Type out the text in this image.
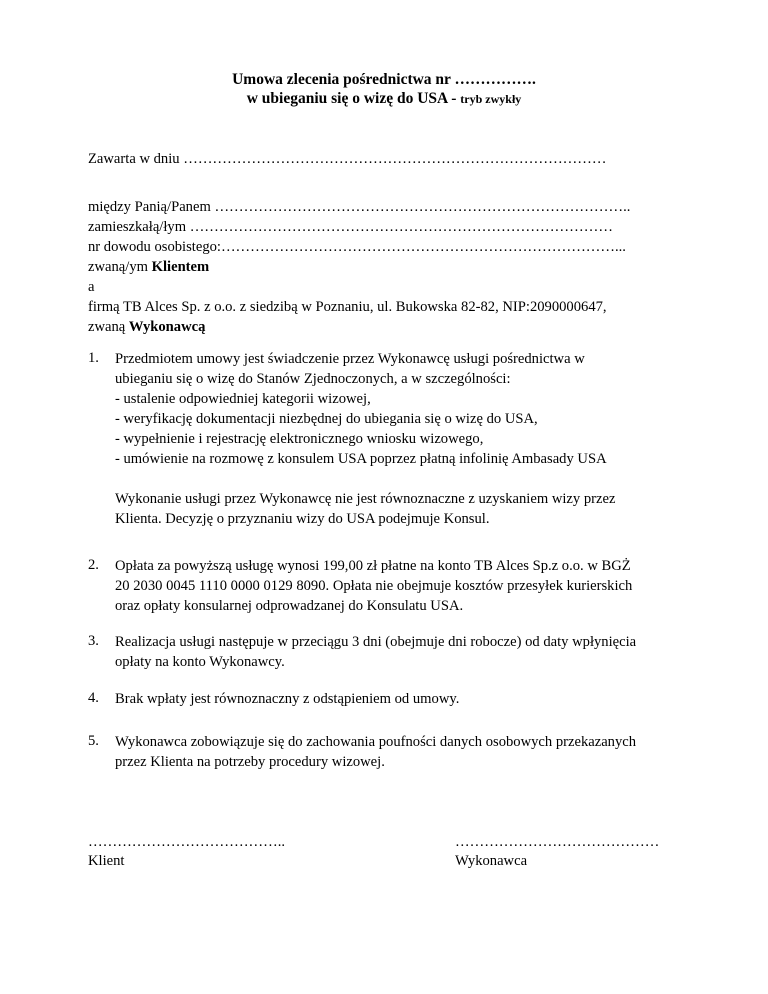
Umowa zlecenia pośrednictwa nr …………….
w ubieganiu się o wizę do USA - tryb zwykły
Zawarta w dniu ……………………………………………………………………………
między Panią/Panem …………………………………………………………………………..
zamieszkałą/łym ……………………………………………………………………………
nr dowodu osobistego:………………………………………………………………………...
zwaną/ym Klientem
a
firmą TB Alces Sp. z o.o. z siedzibą w Poznaniu, ul. Bukowska 82-82, NIP:2090000647,
zwaną Wykonawcą
1. Przedmiotem umowy jest świadczenie przez Wykonawcę usługi pośrednictwa w
ubieganiu się o wizę do Stanów Zjednoczonych, a w szczególności:
- ustalenie odpowiedniej kategorii wizowej,
- weryfikację dokumentacji niezbędnej do ubiegania się o wizę do USA,
- wypełnienie i rejestrację elektronicznego wniosku wizowego,
- umówienie na rozmowę z konsulem USA poprzez płatną infolinię Ambasady USA
Wykonanie usługi przez Wykonawcę nie jest równoznaczne z uzyskaniem wizy przez
Klienta. Decyzję o przyznaniu wizy do USA podejmuje Konsul.
2. Opłata za powyższą usługę wynosi 199,00 zł płatne na konto TB Alces Sp.z o.o. w BGŻ
20 2030 0045 1110 0000 0129 8090. Opłata nie obejmuje kosztów przesyłek kurierskich
oraz opłaty konsularnej odprowadzanej do Konsulatu USA.
3. Realizacja usługi następuje w przeciągu 3 dni (obejmuje dni robocze) od daty wpłynięcia
opłaty na konto Wykonawcy.
4. Brak wpłaty jest równoznaczny z odstąpieniem od umowy.
5. Wykonawca zobowiązuje się do zachowania poufności danych osobowych przekazanych
przez Klienta na potrzeby procedury wizowej.
…………………………………..
Klient
……………………………………
Wykonawca
